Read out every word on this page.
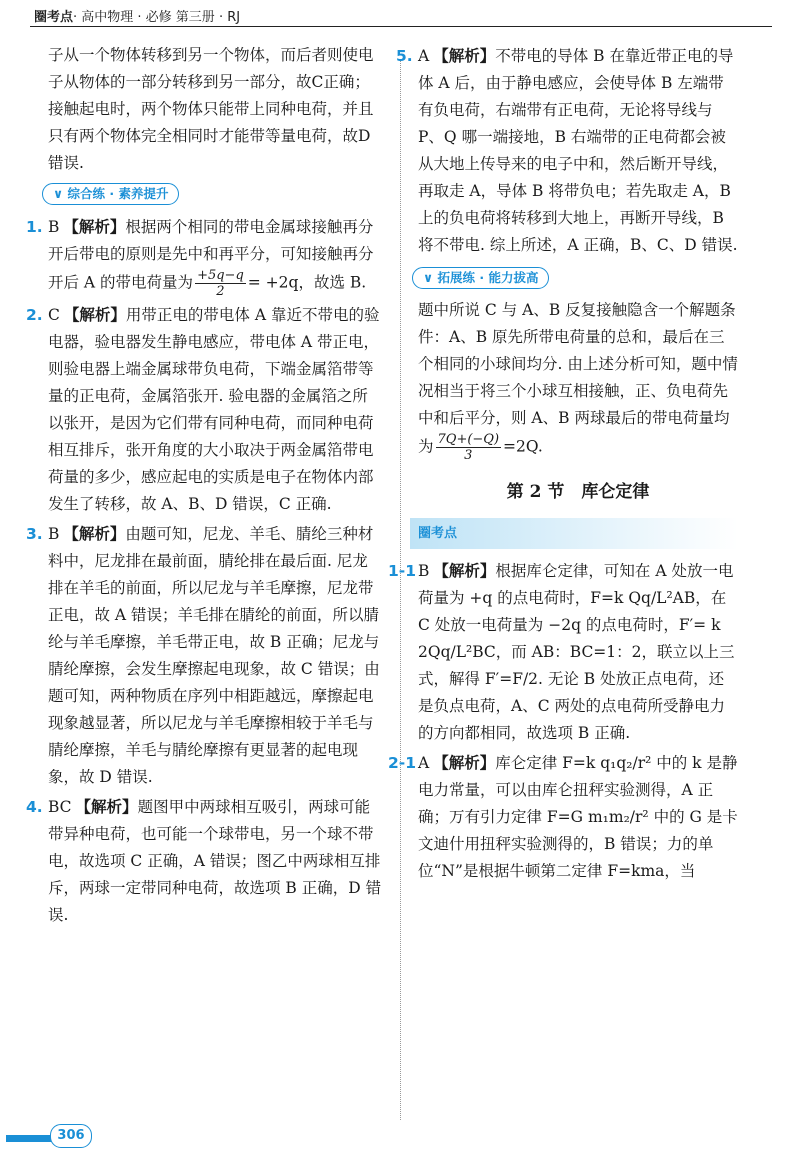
圈考点· 高中物理 · 必修 第三册 · RJ

子从一个物体转移到另一个物体，而后者则使电子从物体的一部分转移到另一部分，故C正确；接触起电时，两个物体只能带上同种电荷，并且只有两个物体完全相同时才能带等量电荷，故D错误.

∨ 综合练 · 素养提升

1. B 【解析】根据两个相同的带电金属球接触再分开后带电的原则是先中和再平分，可知接触再分开后 A 的带电荷量为 $\frac{+5q-q}{2} = +2q$，故选 B.

2. C 【解析】用带正电的带电体 A 靠近不带电的验电器，验电器发生静电感应，带电体 A 带正电，则验电器上端金属球带负电荷，下端金属箔带等量的正电荷，金属箔张开. 验电器的金属箔之所以张开，是因为它们带有同种电荷，而同种电荷相互排斥，张开角度的大小取决于两金属箔带电荷量的多少，感应起电的实质是电子在物体内部发生了转移，故 A、B、D 错误，C 正确.

3. B 【解析】由题可知，尼龙、羊毛、腈纶三种材料中，尼龙排在最前面，腈纶排在最后面. 尼龙排在羊毛的前面，所以尼龙与羊毛摩擦，尼龙带正电，故 A 错误；羊毛排在腈纶的前面，所以腈纶与羊毛摩擦，羊毛带正电，故 B 正确；尼龙与腈纶摩擦，会发生摩擦起电现象，故 C 错误；由题可知，两种物质在序列中相距越远，摩擦起电现象越显著，所以尼龙与羊毛摩擦相较于羊毛与腈纶摩擦，羊毛与腈纶摩擦有更显著的起电现象，故 D 错误.

4. BC 【解析】题图甲中两球相互吸引，两球可能带异种电荷，也可能一个球带电，另一个球不带电，故选项 C 正确，A 错误；图乙中两球相互排斥，两球一定带同种电荷，故选项 B 正确，D 错误.

5. A 【解析】不带电的导体 B 在靠近带正电的导体 A 后，由于静电感应，会使导体 B 左端带有负电荷，右端带有正电荷，无论将导线与 P、Q 哪一端接地，B 右端带的正电荷都会被从大地上传导来的电子中和，然后断开导线，再取走 A，导体 B 将带负电；若先取走 A，B 上的负电荷将转移到大地上，再断开导线，B 将不带电. 综上所述，A 正确，B、C、D 错误.

∨ 拓展练 · 能力拔高

题中所说 C 与 A、B 反复接触隐含一个解题条件：A、B 原先所带电荷量的总和，最后在三个相同的小球间均分. 由上述分析可知，题中情况相当于将三个小球互相接触，正、负电荷先中和后平分，则 A、B 两球最后的带电荷量均为 $\frac{7Q+(-Q)}{3} =2Q$.

第 2 节　库仑定律
圈考点

1-1 B 【解析】根据库仑定律，可知在 A 处放一电荷量为 +q 的点电荷时，F=k Qq/L²AB，在 C 处放一电荷量为 −2q 的点电荷时，F′= k 2Qq/L²BC，而 AB：BC=1：2，联立以上三式，解得 F′=F/2. 无论 B 处放正点电荷，还是负点电荷，A、C 两处的点电荷所受静电力的方向都相同，故选项 B 正确.

2-1 A 【解析】库仑定律 F=k q₁q₂/r² 中的 k 是静电力常量，可以由库仑扭秤实验测得，A 正确；万有引力定律 F=G m₁m₂/r² 中的 G 是卡文迪什用扭秤实验测得的，B 错误；力的单位“N”是根据牛顿第二定律 F=kma，当

306
